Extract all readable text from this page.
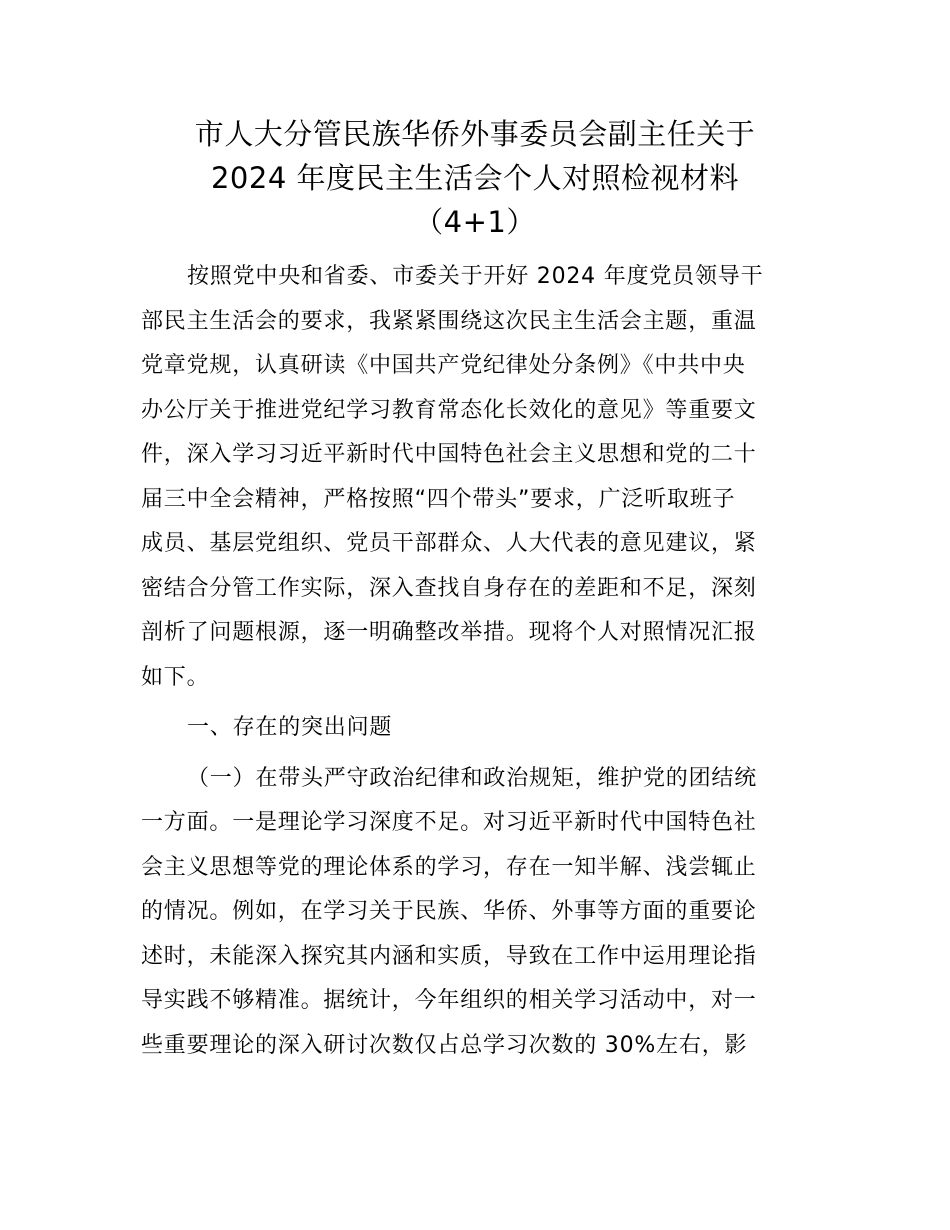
市人大分管民族华侨外事委员会副主任关于
2024 年度民主生活会个人对照检视材料
（4+1）
按照党中央和省委、市委关于开好 2024 年度党员领导干
部民主生活会的要求，我紧紧围绕这次民主生活会主题，重温
党章党规，认真研读《中国共产党纪律处分条例》《中共中央
办公厅关于推进党纪学习教育常态化长效化的意见》等重要文
件，深入学习习近平新时代中国特色社会主义思想和党的二十
届三中全会精神，严格按照“四个带头”要求，广泛听取班子
成员、基层党组织、党员干部群众、人大代表的意见建议，紧
密结合分管工作实际，深入查找自身存在的差距和不足，深刻
剖析了问题根源，逐一明确整改举措。现将个人对照情况汇报
如下。
一、存在的突出问题
（一）在带头严守政治纪律和政治规矩，维护党的团结统
一方面。一是理论学习深度不足。对习近平新时代中国特色社
会主义思想等党的理论体系的学习，存在一知半解、浅尝辄止
的情况。例如，在学习关于民族、华侨、外事等方面的重要论
述时，未能深入探究其内涵和实质，导致在工作中运用理论指
导实践不够精准。据统计，今年组织的相关学习活动中，对一
些重要理论的深入研讨次数仅占总学习次数的 30%左右，影
